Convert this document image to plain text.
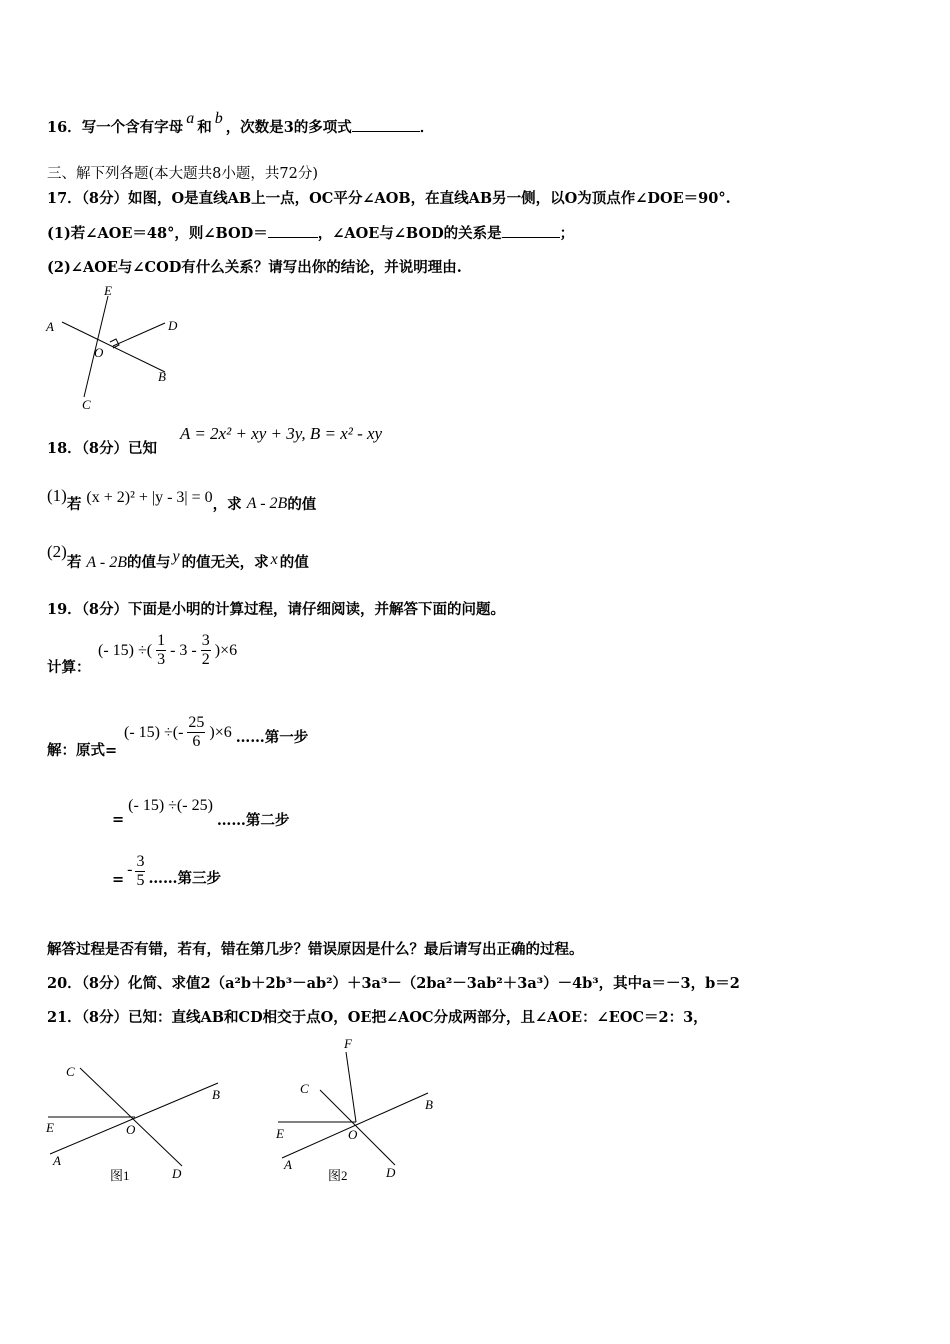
16．写一个含有字母a和b，次数是3的多项式	．
三、解下列各题(本大题共8小题，共72分)
17．（8分）如图，O是直线AB上一点，OC平分∠AOB，在直线AB另一侧，以O为顶点作∠DOE＝90°.
(1)若∠AOE＝48°，则∠BOD＝	，∠AOE与∠BOD的关系是	；
(2)∠AOE与∠COD有什么关系？请写出你的结论，并说明理由.
E
A	D
O
B
C
18．（8分）已知
A = 2x² + xy + 3y, B = x² - xy
(1)若 (x + 2)² + |y - 3| = 0，求 A - 2B的值
(2)若 A - 2B的值与 y 的值无关，求 x 的值
19．（8分）下面是小明的计算过程，请仔细阅读，并解答下面的问题。
计算：
(- 15) ÷( $\frac{1}{3} - 3 - \frac{3}{2} )\times 6$
解：原式=
(- 15) ÷(- $\frac{25}{6} )\times 6$ ……第一步
=
(- 15) ÷(- 25)
……第二步
=
- $\frac{3}{5}$ ……第三步
解答过程是否有错，若有，错在第几步？错误原因是什么？最后请写出正确的过程。
20．（8分）化简、求值2（a²b＋2b³－ab²）＋3a³－（2ba²－3ab²＋3a³）－4b³，其中a＝－3，b＝2
21．（8分）已知：直线AB和CD相交于点O，OE把∠AOC分成两部分，且∠AOE：∠EOC＝2：3，
C
B
E	O
A
D
图1
F
C
B
E	O
A
D
图2
